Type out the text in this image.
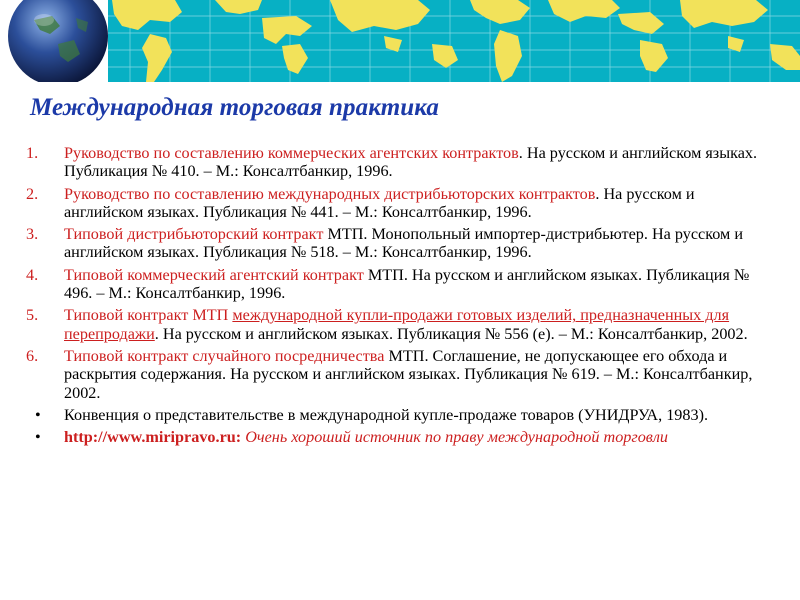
Международная торговая практика
1. Руководство по составлению коммерческих агентских контрактов. На русском и английском языках. Публикация № 410. – М.: Консалтбанкир, 1996.
2. Руководство по составлению международных дистрибьюторских контрактов. На русском и английском языках. Публикация № 441. – М.: Консалтбанкир, 1996.
3. Типовой дистрибьюторский контракт МТП. Монопольный импортер-дистрибьютер. На русском и английском языках. Публикация № 518. – М.: Консалтбанкир, 1996.
4. Типовой коммерческий агентский контракт МТП. На русском и английском языках. Публикация № 496. – М.: Консалтбанкир, 1996.
5. Типовой контракт МТП международной купли-продажи готовых изделий, предназначенных для перепродажи. На русском и английском языках. Публикация № 556 (е). – М.: Консалтбанкир, 2002.
6. Типовой контракт случайного посредничества МТП. Соглашение, не допускающее его обхода и раскрытия содержания. На русском и английском языках. Публикация № 619. – М.: Консалтбанкир, 2002.
• Конвенция о представительстве в международной купле-продаже товаров (УНИДРУА, 1983).
• http://www.miripravo.ru: Очень хороший источник по праву международной торговли
